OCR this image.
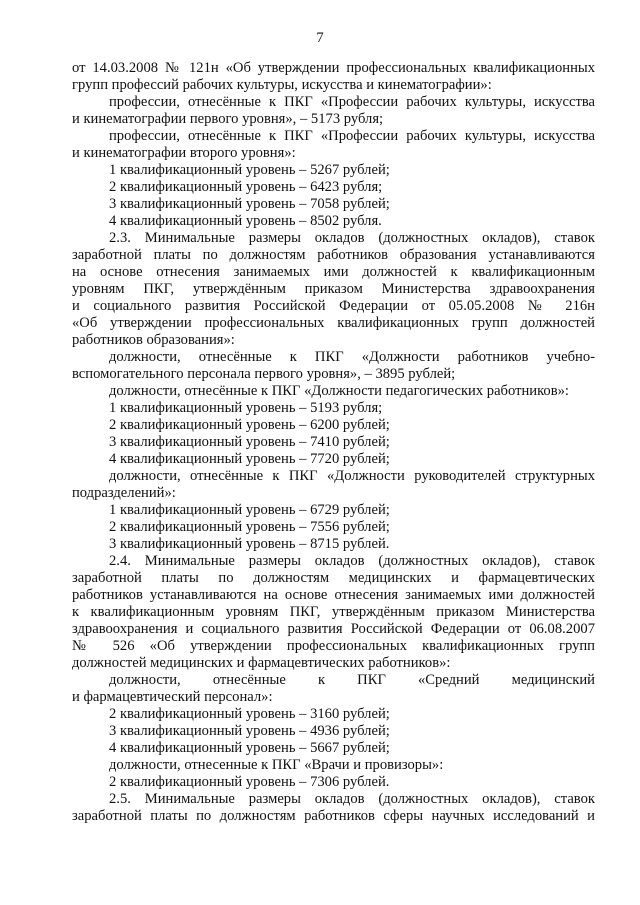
7
от 14.03.2008 № 121н «Об утверждении профессиональных квалификационных
групп профессий рабочих культуры, искусства и кинематографии»:
профессии, отнесённые к ПКГ «Профессии рабочих культуры, искусства
и кинематографии первого уровня», – 5173 рубля;
профессии, отнесённые к ПКГ «Профессии рабочих культуры, искусства
и кинематографии второго уровня»:
1 квалификационный уровень – 5267 рублей;
2 квалификационный уровень – 6423 рубля;
3 квалификационный уровень – 7058 рублей;
4 квалификационный уровень – 8502 рубля.
2.3. Минимальные размеры окладов (должностных окладов), ставок
заработной платы по должностям работников образования устанавливаются
на основе отнесения занимаемых ими должностей к квалификационным
уровням ПКГ, утверждённым приказом Министерства здравоохранения
и социального развития Российской Федерации от 05.05.2008 № 216н
«Об утверждении профессиональных квалификационных групп должностей
работников образования»:
должности, отнесённые к ПКГ «Должности работников учебно-
вспомогательного персонала первого уровня», – 3895 рублей;
должности, отнесённые к ПКГ «Должности педагогических работников»:
1 квалификационный уровень – 5193 рубля;
2 квалификационный уровень – 6200 рублей;
3 квалификационный уровень – 7410 рублей;
4 квалификационный уровень – 7720 рублей;
должности, отнесённые к ПКГ «Должности руководителей структурных
подразделений»:
1 квалификационный уровень – 6729 рублей;
2 квалификационный уровень – 7556 рублей;
3 квалификационный уровень – 8715 рублей.
2.4. Минимальные размеры окладов (должностных окладов), ставок
заработной платы по должностям медицинских и фармацевтических
работников устанавливаются на основе отнесения занимаемых ими должностей
к квалификационным уровням ПКГ, утверждённым приказом Министерства
здравоохранения и социального развития Российской Федерации от 06.08.2007
№ 526 «Об утверждении профессиональных квалификационных групп
должностей медицинских и фармацевтических работников»:
должности, отнесённые к ПКГ «Средний медицинский
и фармацевтический персонал»:
2 квалификационный уровень – 3160 рублей;
3 квалификационный уровень – 4936 рублей;
4 квалификационный уровень – 5667 рублей;
должности, отнесенные к ПКГ «Врачи и провизоры»:
2 квалификационный уровень – 7306 рублей.
2.5. Минимальные размеры окладов (должностных окладов), ставок
заработной платы по должностям работников сферы научных исследований и
